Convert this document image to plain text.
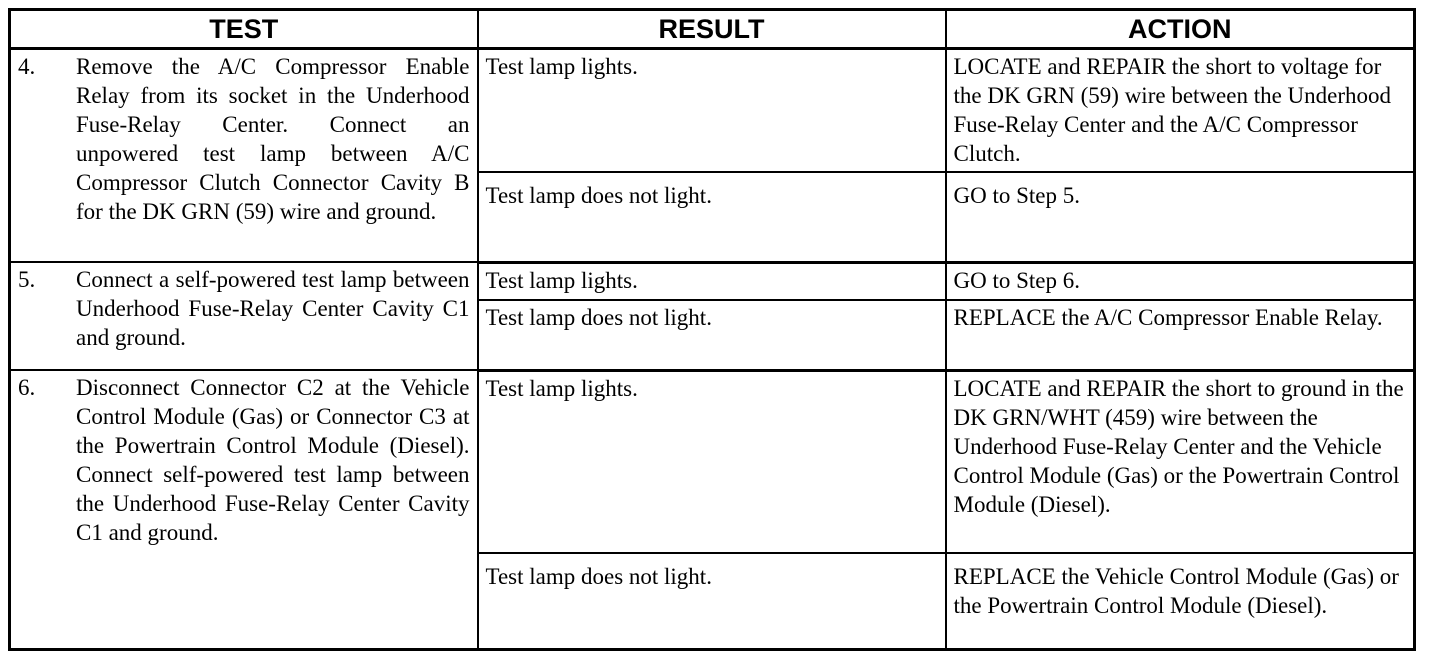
TEST	RESULT	ACTION

4. Remove the A/C Compressor Enable Relay from its socket in the Underhood Fuse-Relay Center. Connect an unpowered test lamp between A/C Compressor Clutch Connector Cavity B for the DK GRN (59) wire and ground.	Test lamp lights.	LOCATE and REPAIR the short to voltage for the DK GRN (59) wire between the Underhood Fuse-Relay Center and the A/C Compressor Clutch.
	Test lamp does not light.	GO to Step 5.

5. Connect a self-powered test lamp between Underhood Fuse-Relay Center Cavity C1 and ground.	Test lamp lights.	GO to Step 6.
	Test lamp does not light.	REPLACE the A/C Compressor Enable Relay.

6. Disconnect Connector C2 at the Vehicle Control Module (Gas) or Connector C3 at the Powertrain Control Module (Diesel). Connect self-powered test lamp between the Underhood Fuse-Relay Center Cavity C1 and ground.	Test lamp lights.	LOCATE and REPAIR the short to ground in the DK GRN/WHT (459) wire between the Underhood Fuse-Relay Center and the Vehicle Control Module (Gas) or the Powertrain Control Module (Diesel).
	Test lamp does not light.	REPLACE the Vehicle Control Module (Gas) or the Powertrain Control Module (Diesel).
